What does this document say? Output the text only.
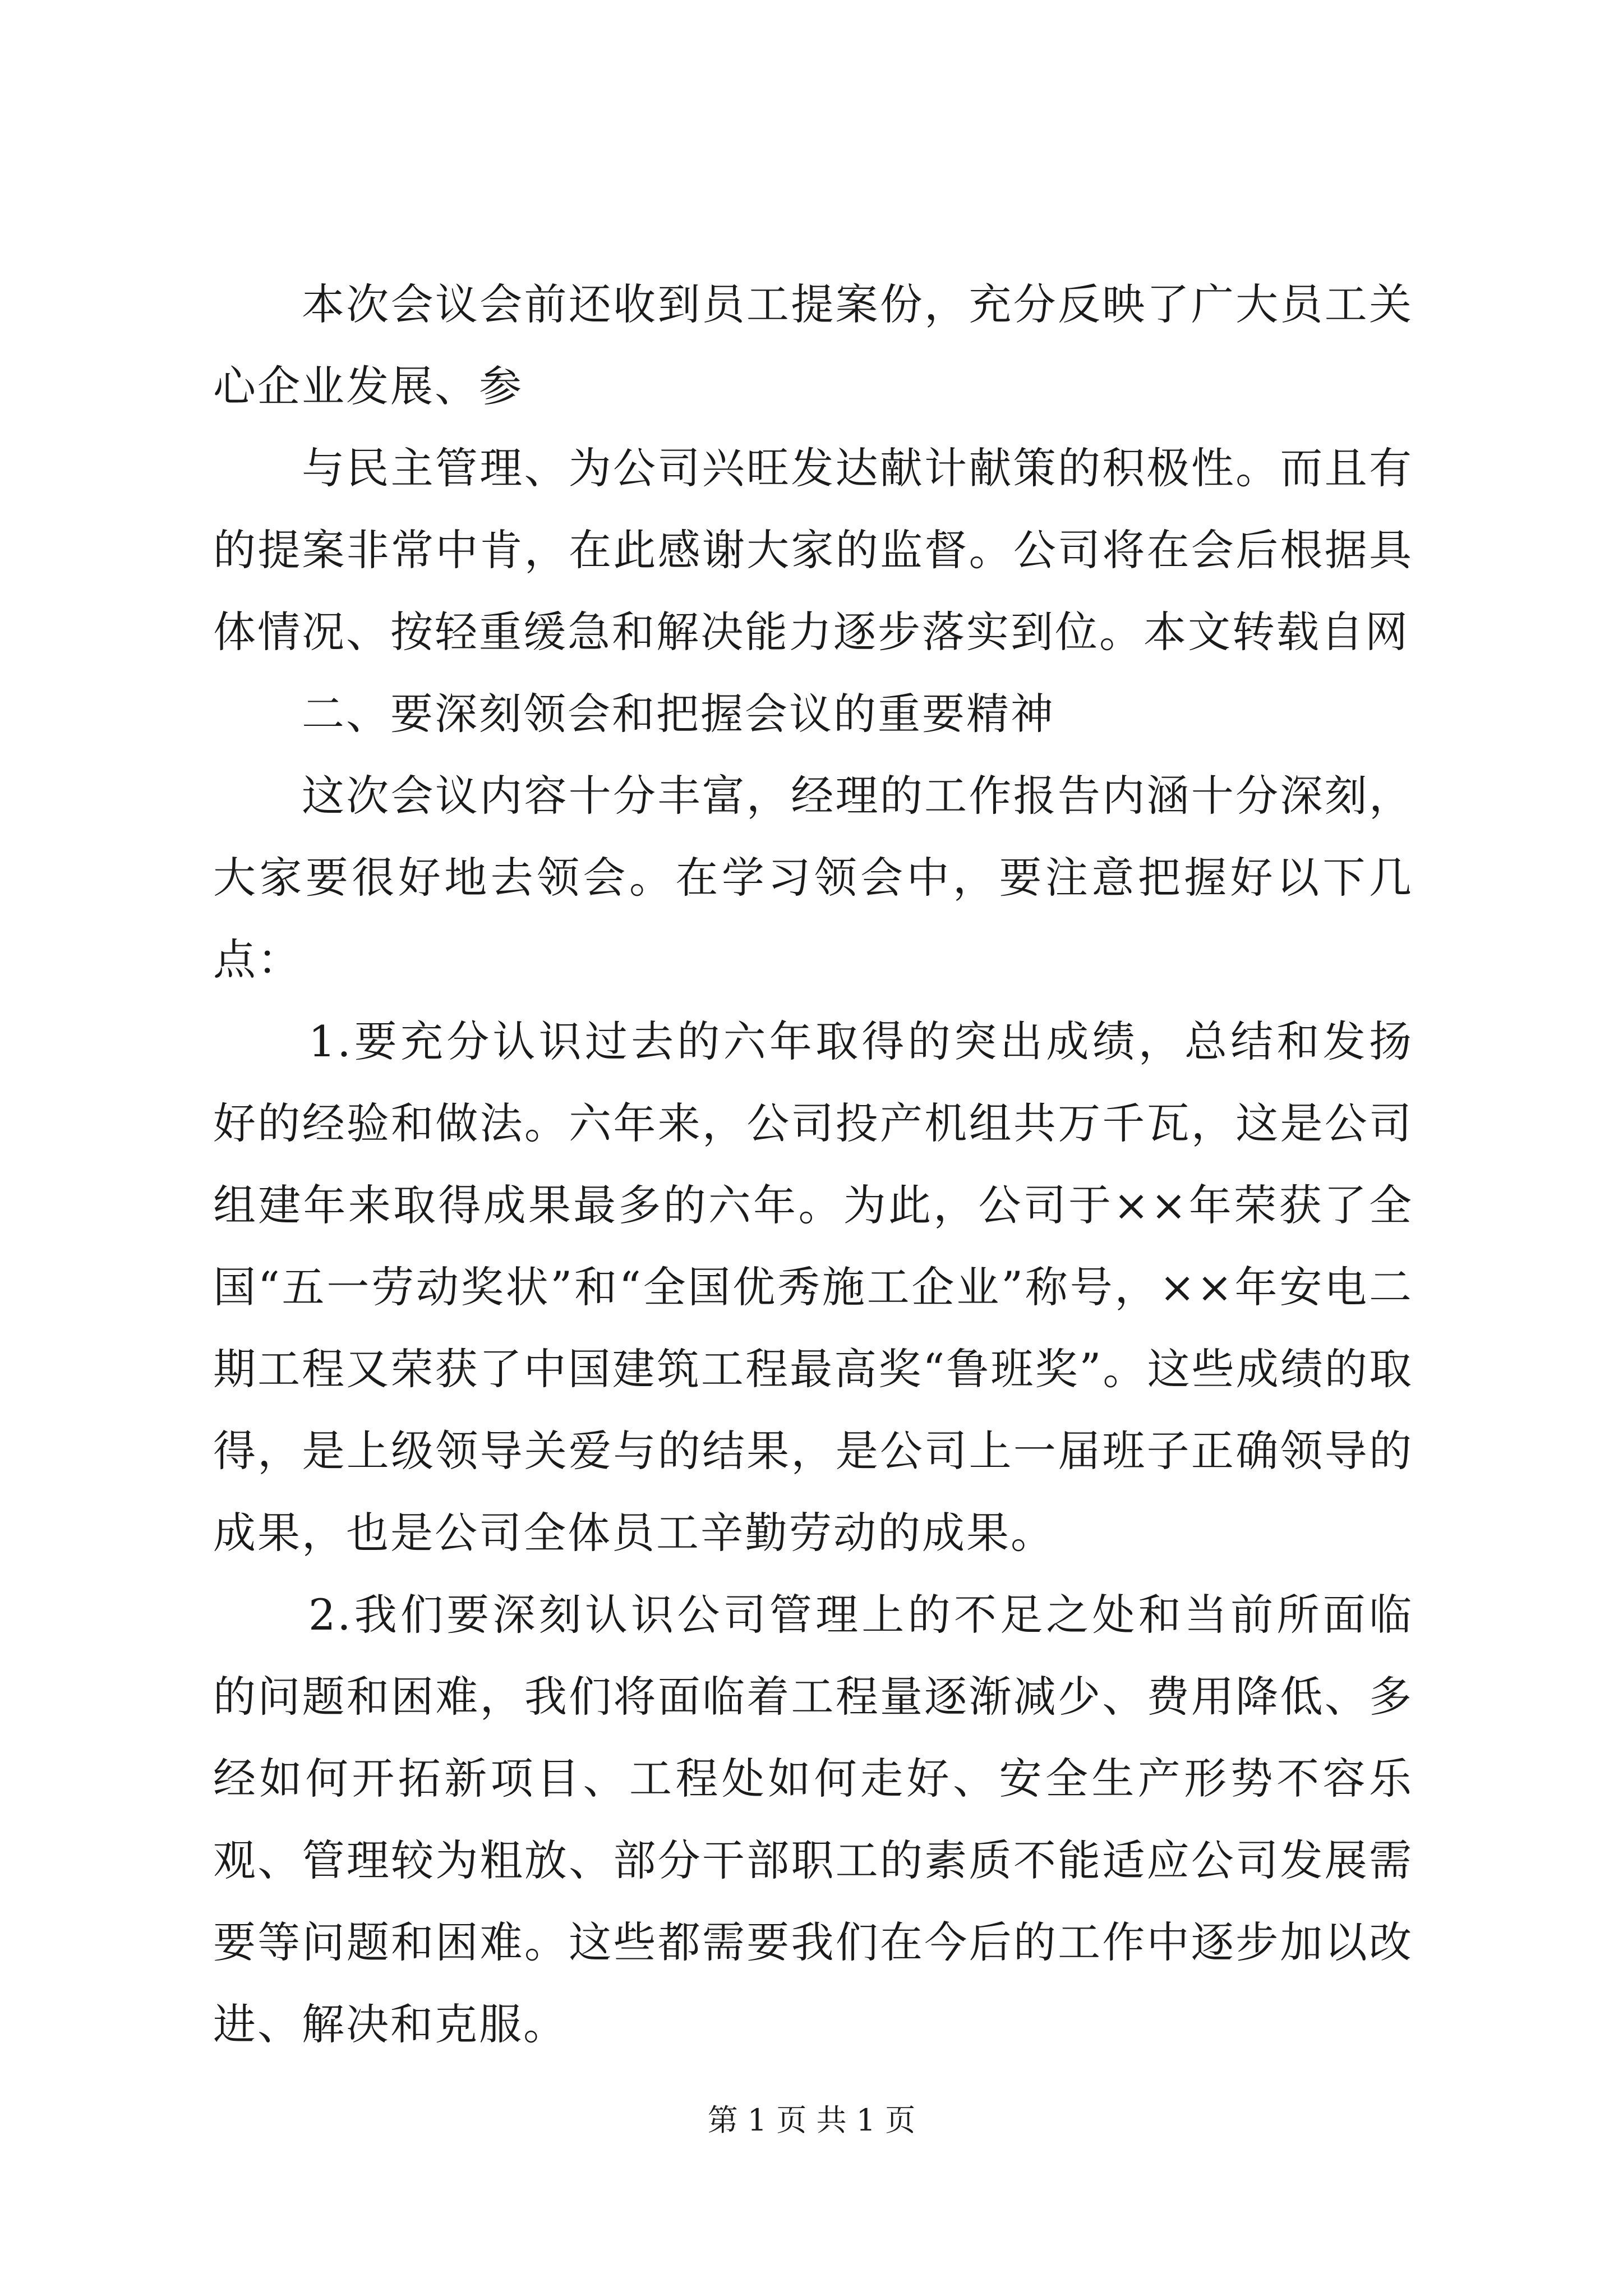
本次会议会前还收到员工提案份，充分反映了广大员工关心企业发展、参

与民主管理、为公司兴旺发达献计献策的积极性。而且有的提案非常中肯，在此感谢大家的监督。公司将在会后根据具体情况、按轻重缓急和解决能力逐步落实到位。本文转载自网

二、要深刻领会和把握会议的重要精神

这次会议内容十分丰富，经理的工作报告内涵十分深刻，大家要很好地去领会。在学习领会中，要注意把握好以下几点：

1.要充分认识过去的六年取得的突出成绩，总结和发扬好的经验和做法。六年来，公司投产机组共万千瓦，这是公司组建年来取得成果最多的六年。为此，公司于××年荣获了全国“五一劳动奖状”和“全国优秀施工企业”称号，××年安电二期工程又荣获了中国建筑工程最高奖“鲁班奖”。这些成绩的取得，是上级领导关爱与的结果，是公司上一届班子正确领导的成果，也是公司全体员工辛勤劳动的成果。

2.我们要深刻认识公司管理上的不足之处和当前所面临的问题和困难，我们将面临着工程量逐渐减少、费用降低、多经如何开拓新项目、工程处如何走好、安全生产形势不容乐观、管理较为粗放、部分干部职工的素质不能适应公司发展需要等问题和困难。这些都需要我们在今后的工作中逐步加以改进、解决和克服。

第 1 页 共 1 页
